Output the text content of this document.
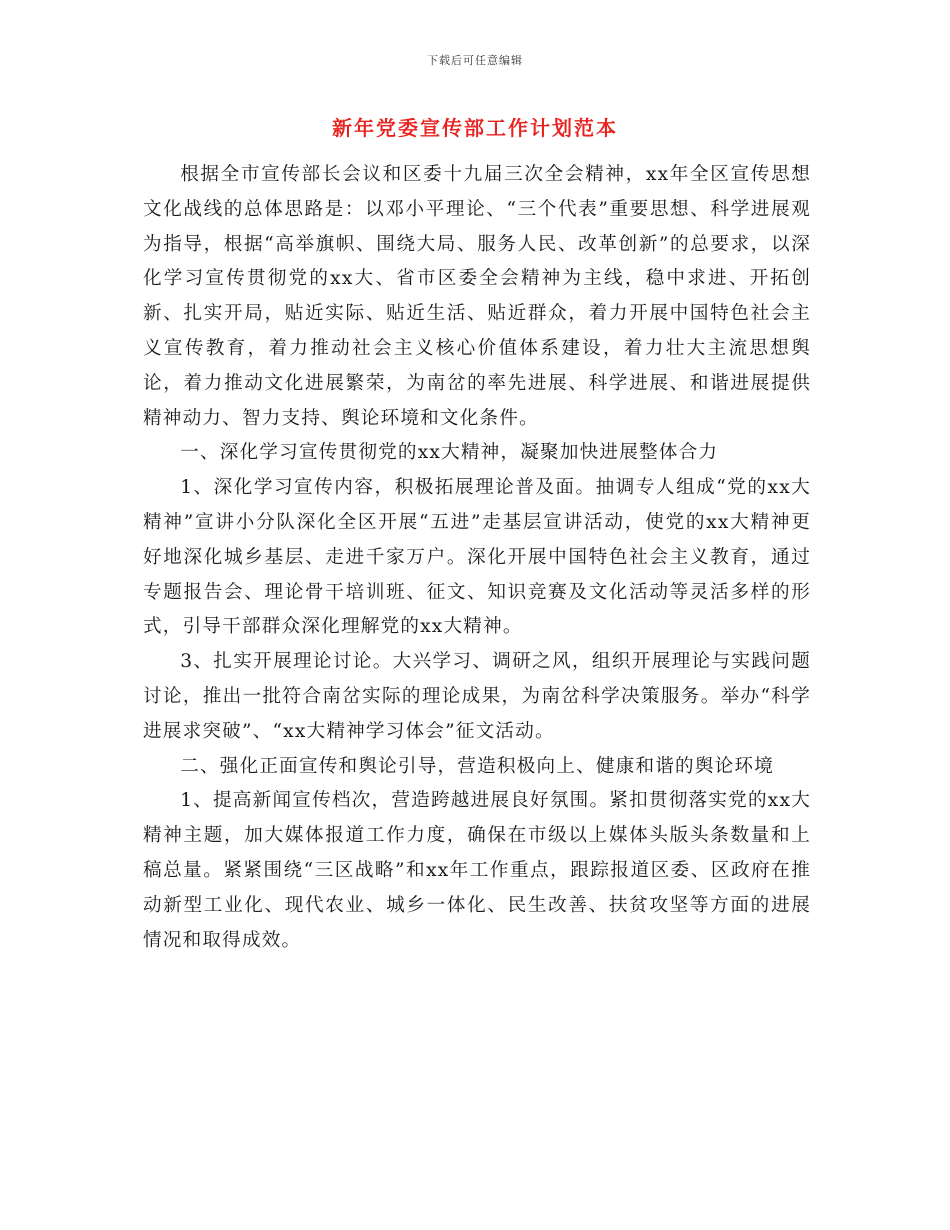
下载后可任意编辑
新年党委宣传部工作计划范本

根据全市宣传部长会议和区委十九届三次全会精神，xx年全区宣传思想文化战线的总体思路是：以邓小平理论、“三个代表”重要思想、科学进展观为指导，根据“高举旗帜、围绕大局、服务人民、改革创新”的总要求，以深化学习宣传贯彻党的xx大、省市区委全会精神为主线，稳中求进、开拓创新、扎实开局，贴近实际、贴近生活、贴近群众，着力开展中国特色社会主义宣传教育，着力推动社会主义核心价值体系建设，着力壮大主流思想舆论，着力推动文化进展繁荣，为南岔的率先进展、科学进展、和谐进展提供精神动力、智力支持、舆论环境和文化条件。

一、深化学习宣传贯彻党的xx大精神，凝聚加快进展整体合力

1、深化学习宣传内容，积极拓展理论普及面。抽调专人组成“党的xx大精神”宣讲小分队深化全区开展“五进”走基层宣讲活动，使党的xx大精神更好地深化城乡基层、走进千家万户。深化开展中国特色社会主义教育，通过专题报告会、理论骨干培训班、征文、知识竞赛及文化活动等灵活多样的形式，引导干部群众深化理解党的xx大精神。

3、扎实开展理论讨论。大兴学习、调研之风，组织开展理论与实践问题讨论，推出一批符合南岔实际的理论成果，为南岔科学决策服务。举办“科学进展求突破”、“xx大精神学习体会”征文活动。

二、强化正面宣传和舆论引导，营造积极向上、健康和谐的舆论环境

1、提高新闻宣传档次，营造跨越进展良好氛围。紧扣贯彻落实党的xx大精神主题，加大媒体报道工作力度，确保在市级以上媒体头版头条数量和上稿总量。紧紧围绕“三区战略”和xx年工作重点，跟踪报道区委、区政府在推动新型工业化、现代农业、城乡一体化、民生改善、扶贫攻坚等方面的进展情况和取得成效。
